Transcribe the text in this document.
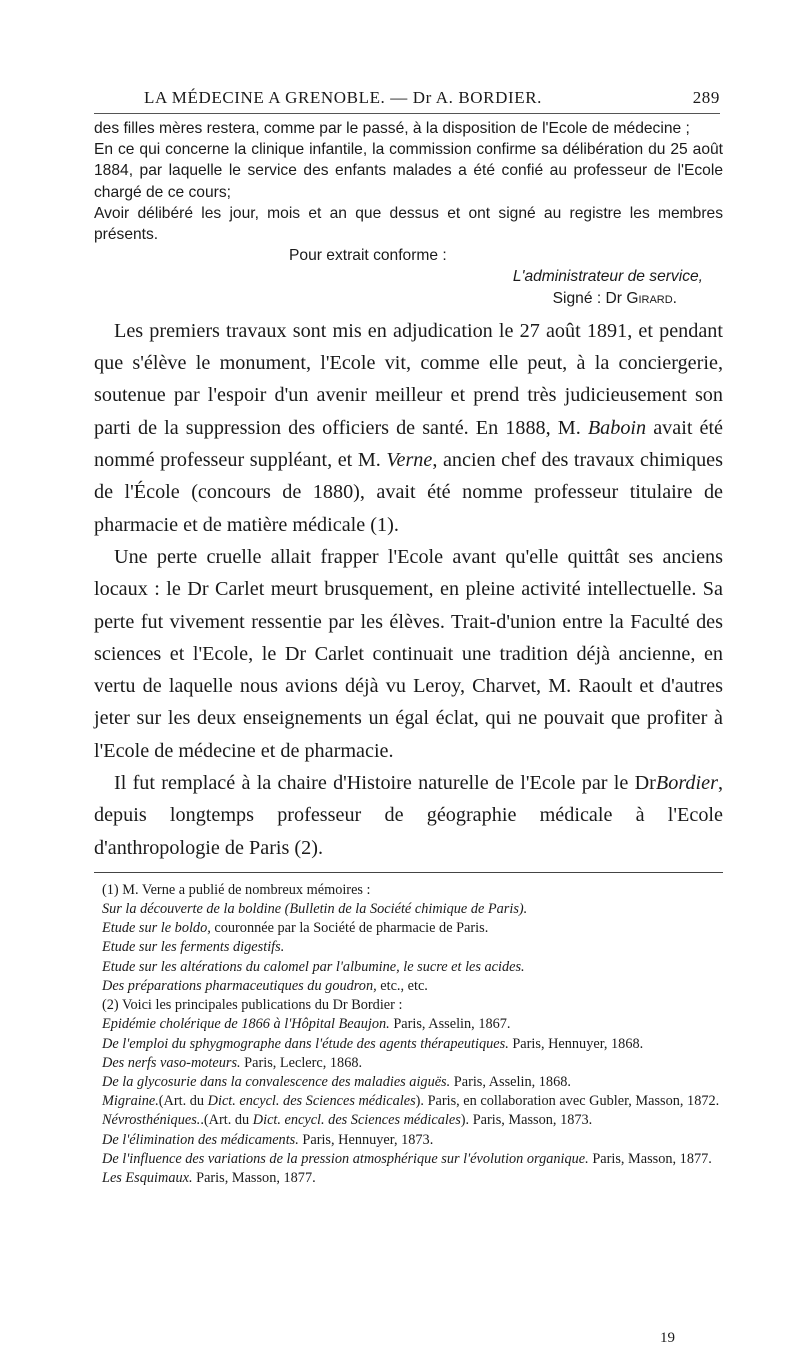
LA MÉDECINE A GRENOBLE. — Dr A. BORDIER.	289

des filles mères restera, comme par le passé, à la disposition de l'Ecole de médecine ;

En ce qui concerne la clinique infantile, la commission confirme sa délibération du 25 août 1884, par laquelle le service des enfants malades a été confié au professeur de l'Ecole chargé de ce cours;

Avoir délibéré les jour, mois et an que dessus et ont signé au registre les membres présents.

Pour extrait conforme :

L'administrateur de service,

Signé : Dr Girard.

Les premiers travaux sont mis en adjudication le 27 août 1891, et pendant que s'élève le monument, l'Ecole vit, comme elle peut, à la conciergerie, soutenue par l'espoir d'un avenir meilleur et prend très judicieusement son parti de la suppression des officiers de santé. En 1888, M. Baboin avait été nommé professeur suppléant, et M. Verne, ancien chef des travaux chimiques de l'École (concours de 1880), avait été nomme professeur titulaire de pharmacie et de matière médicale (1).

Une perte cruelle allait frapper l'Ecole avant qu'elle quittât ses anciens locaux : le Dr Carlet meurt brusquement, en pleine activité intellectuelle. Sa perte fut vivement ressentie par les élèves. Trait-d'union entre la Faculté des sciences et l'Ecole, le Dr Carlet continuait une tradition déjà ancienne, en vertu de laquelle nous avions déjà vu Leroy, Charvet, M. Raoult et d'autres jeter sur les deux enseignements un égal éclat, qui ne pouvait que profiter à l'Ecole de médecine et de pharmacie.

Il fut remplacé à la chaire d'Histoire naturelle de l'Ecole par le DrBordier, depuis longtemps professeur de géographie médicale à l'Ecole d'anthropologie de Paris (2).

(1) M. Verne a publié de nombreux mémoires :

Sur la découverte de la boldine (Bulletin de la Société chimique de Paris).

Etude sur le boldo, couronnée par la Société de pharmacie de Paris.

Etude sur les ferments digestifs.

Etude sur les altérations du calomel par l'albumine, le sucre et les acides.

Des préparations pharmaceutiques du goudron, etc., etc.

(2) Voici les principales publications du Dr Bordier :

Epidémie cholérique de 1866 à l'Hôpital Beaujon. Paris, Asselin, 1867.

De l'emploi du sphygmographe dans l'étude des agents thérapeutiques. Paris, Hennuyer, 1868.

Des nerfs vaso-moteurs. Paris, Leclerc, 1868.

De la glycosurie dans la convalescence des maladies aiguës. Paris, Asselin, 1868.

Migraine.(Art. du Dict. encycl. des Sciences médicales). Paris, en collaboration avec Gubler, Masson, 1872.

Névrosthéniques..(Art. du Dict. encycl. des Sciences médicales). Paris, Masson, 1873.

De l'élimination des médicaments. Paris, Hennuyer, 1873.

De l'influence des variations de la pression atmosphérique sur l'évolution organique. Paris, Masson, 1877.

Les Esquimaux. Paris, Masson, 1877.

19
